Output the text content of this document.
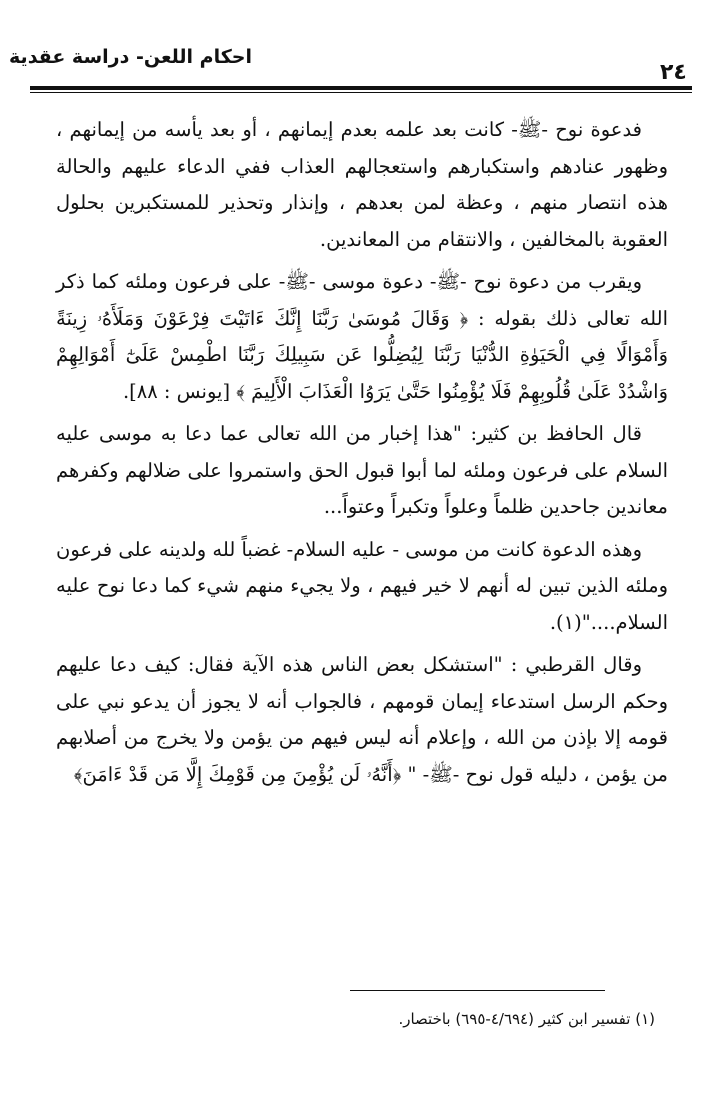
احكام اللعن- دراسة عقدية
٢٤

فدعوة نوح -ﷺ- كانت بعد علمه بعدم إيمانهم ، أو بعد يأسه من إيمانهم ، وظهور عنادهم واستكبارهم واستعجالهم العذاب ففي الدعاء عليهم والحالة هذه انتصار منهم ، وعظة لمن بعدهم ، وإنذار وتحذير للمستكبرين بحلول العقوبة بالمخالفين ، والانتقام من المعاندين.

ويقرب من دعوة نوح -ﷺ- دعوة موسى -ﷺ- على فرعون وملئه كما ذكر الله تعالى ذلك بقوله : ﴿ وَقَالَ مُوسَىٰ رَبَّنَا إِنَّكَ ءَاتَيْتَ فِرْعَوْنَ وَمَلَأَهُۥ زِينَةً وَأَمْوَالًا فِي الْحَيَوٰةِ الدُّنْيَا رَبَّنَا لِيُضِلُّوا عَن سَبِيلِكَ رَبَّنَا اطْمِسْ عَلَىٰٓ أَمْوَالِهِمْ وَاشْدُدْ عَلَىٰ قُلُوبِهِمْ فَلَا يُؤْمِنُوا حَتَّىٰ يَرَوُا الْعَذَابَ الْأَلِيمَ ﴾ [يونس : ٨٨].

قال الحافظ بن كثير: "هذا إخبار من الله تعالى عما دعا به موسى عليه السلام على فرعون وملئه لما أبوا قبول الحق واستمروا على ضلالهم وكفرهم معاندين جاحدين ظلماً وعلواً وتكبراً وعتواً...

وهذه الدعوة كانت من موسى - عليه السلام- غضباً لله ولدينه على فرعون وملئه الذين تبين له أنهم لا خير فيهم ، ولا يجيء منهم شيء كما دعا نوح عليه السلام...."(١).

وقال القرطبي : "استشكل بعض الناس هذه الآية فقال: كيف دعا عليهم وحكم الرسل استدعاء إيمان قومهم ، فالجواب أنه لا يجوز أن يدعو نبي على قومه إلا بإذن من الله ، وإعلام أنه ليس فيهم من يؤمن ولا يخرج من أصلابهم من يؤمن ، دليله قول نوح -ﷺ- " ﴿أَنَّهُۥ لَن يُؤْمِنَ مِن قَوْمِكَ إِلَّا مَن قَدْ ءَامَنَ﴾

(١) تفسير ابن كثير (٤/٦٩٤-٦٩٥) باختصار.
